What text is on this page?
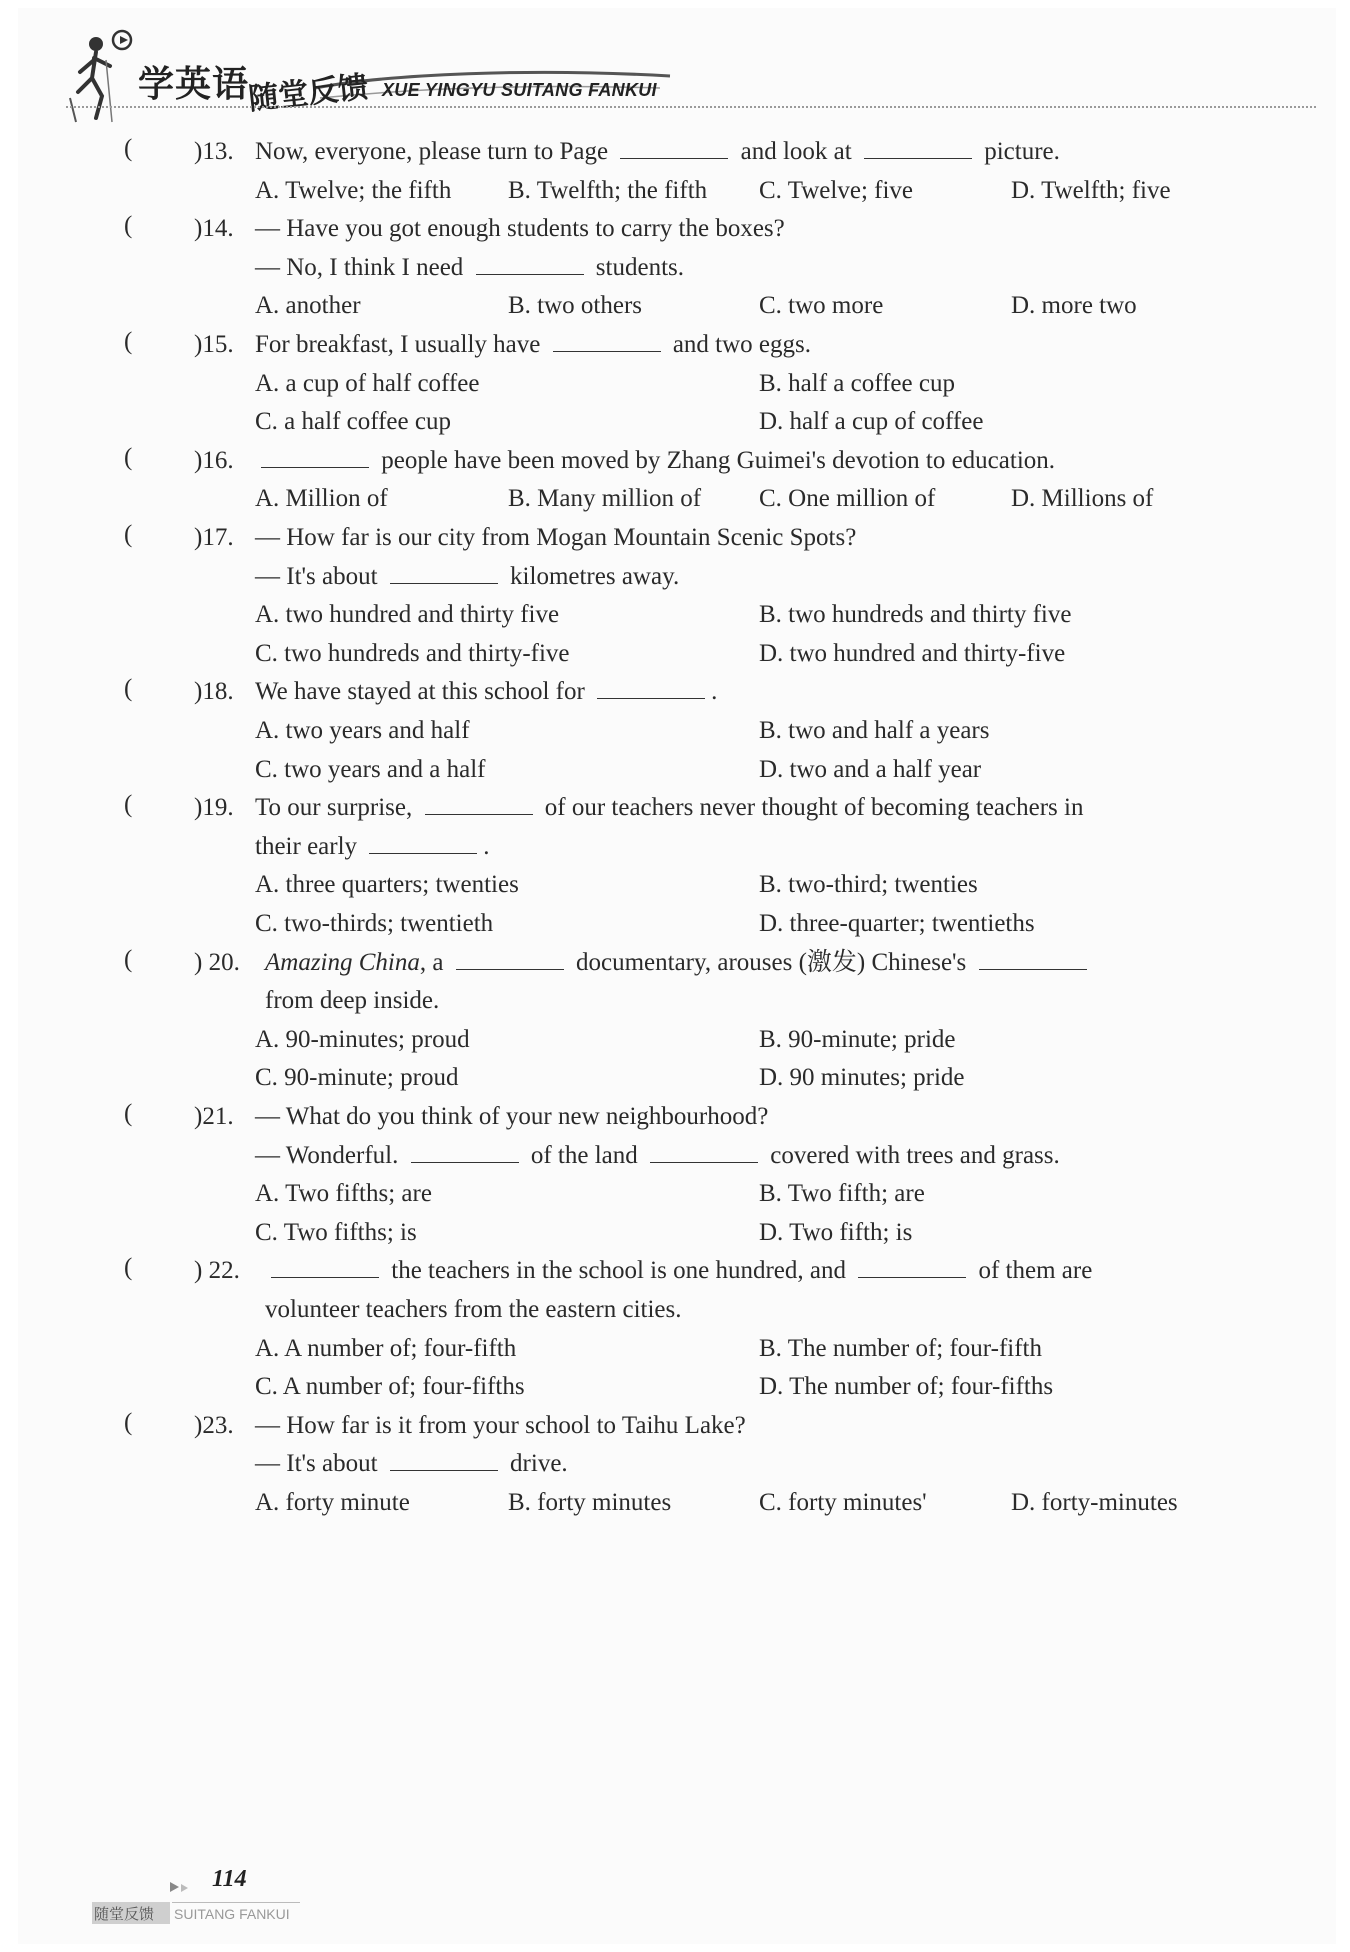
学英语
随堂反馈 XUE YINGYU SUITANG FANKUI
( )13. Now, everyone, please turn to Page	and look at	picture.
A. Twelve; the fifth B. Twelfth; the fifth C. Twelve; five	D. Twelfth; five
( )14. — Have you got enough students to carry the boxes?
— No, I think I need	students.
A. another	B. two others	C. two more	D. more two
( )15. For breakfast, I usually have	and two eggs.
A. a cup of half coffee	B. half a coffee cup
C. a half coffee cup	D. half a cup of coffee
( )16.	people have been moved by Zhang Guimei's devotion to education.
A. Million of	B. Many million of C. One million of	D. Millions of
( )17. — How far is our city from Mogan Mountain Scenic Spots?
— It's about	kilometres away.
A. two hundred and thirty five	B. two hundreds and thirty five
C. two hundreds and thirty-five	D. two hundred and thirty-five
( )18. We have stayed at this school for	.
A. two years and half	B. two and half a years
C. two years and a half	D. two and a half year
( )19. To our surprise,	of our teachers never thought of becoming teachers in
their early	.
A. three quarters; twenties	B. two-third; twenties
C. two-thirds; twentieth	D. three-quarter; twentieths
( ) 20. Amazing China, a	documentary, arouses (激发) Chinese's
from deep inside.
A. 90-minutes; proud	B. 90-minute; pride
C. 90-minute; proud	D. 90 minutes; pride
( )21. — What do you think of your new neighbourhood?
— Wonderful.	of the land	covered with trees and grass.
A. Two fifths; are	B. Two fifth; are
C. Two fifths; is	D. Two fifth; is
( ) 22.	the teachers in the school is one hundred, and	of them are
volunteer teachers from the eastern cities.
A. A number of; four-fifth	B. The number of; four-fifth
C. A number of; four-fifths	D. The number of; four-fifths
( )23. — How far is it from your school to Taihu Lake?
— It's about	drive.
A. forty minute	B. forty minutes	C. forty minutes'	D. forty-minutes
114
随堂反馈 SUITANG FANKUI
